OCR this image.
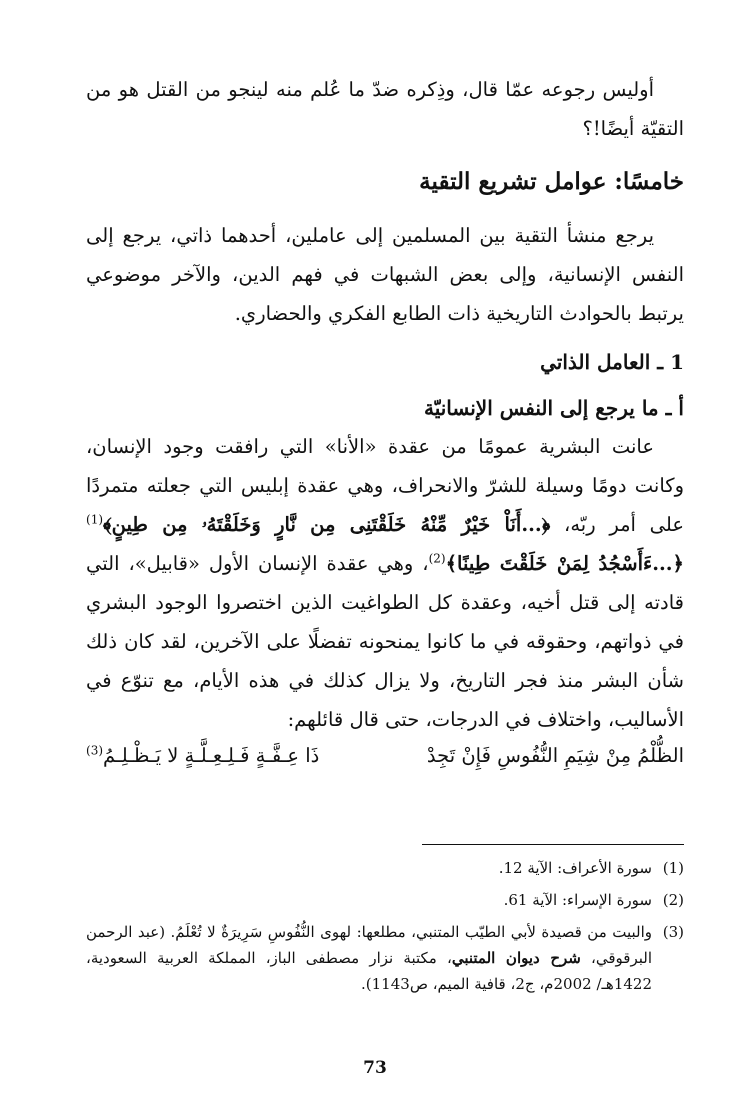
أوليس رجوعه عمّا قال، وذِكره ضدّ ما عُلم منه لينجو من القتل هو من التقيّة أيضًا!؟

خامسًا: عوامل تشريع التقية

يرجع منشأ التقية بين المسلمين إلى عاملين، أحدهما ذاتي، يرجع إلى النفس الإنسانية، وإلى بعض الشبهات في فهم الدين، والآخر موضوعي يرتبط بالحوادث التاريخية ذات الطابع الفكري والحضاري.

1 ـ العامل الذاتي

أ ـ ما يرجع إلى النفس الإنسانيّة

عانت البشرية عمومًا من عقدة «الأنا» التي رافقت وجود الإنسان، وكانت دومًا وسيلة للشرّ والانحراف، وهي عقدة إبليس التي جعلته متمردًا على أمر ربّه، ﴿...أَنَاْ خَيْرٌ مِّنْهُ خَلَقْتَنِى مِن نَّارٍ وَخَلَقْتَهُۥ مِن طِينٍ﴾$^{(1)}$ ﴿...ءَأَسْجُدُ لِمَنْ خَلَقْتَ طِينًا﴾$^{(2)}$، وهي عقدة الإنسان الأول «قابيل»، التي قادته إلى قتل أخيه، وعقدة كل الطواغيت الذين اختصروا الوجود البشري في ذواتهم، وحقوقه في ما كانوا يمنحونه تفضلًا على الآخرين، لقد كان ذلك شأن البشر منذ فجر التاريخ، ولا يزال كذلك في هذه الأيام، مع تنوّع في الأساليب، واختلاف في الدرجات، حتى قال قائلهم:

الظُّلْمُ مِنْ شِيَمِ النُّفُوسِ فَإِنْ تَجِدْ
ذَا عِـفَّـةٍ فَـلِـعِـلَّـةٍ لا يَـظْـلِـمُ$^{(3)}$
(1)
سورة الأعراف: الآية 12.
(2)
سورة الإسراء: الآية 61.
(3)
والبيت من قصيدة لأبي الطيّب المتنبي، مطلعها: لهوى النُّفُوسِ سَرِيرَةٌ لا تُعْلَمُ. (عبد الرحمن البرقوقي، شرح ديوان المتنبي، مكتبة نزار مصطفى الباز، المملكة العربية السعودية، 1422هـ/ 2002م، ج2، قافية الميم، ص1143).
73
